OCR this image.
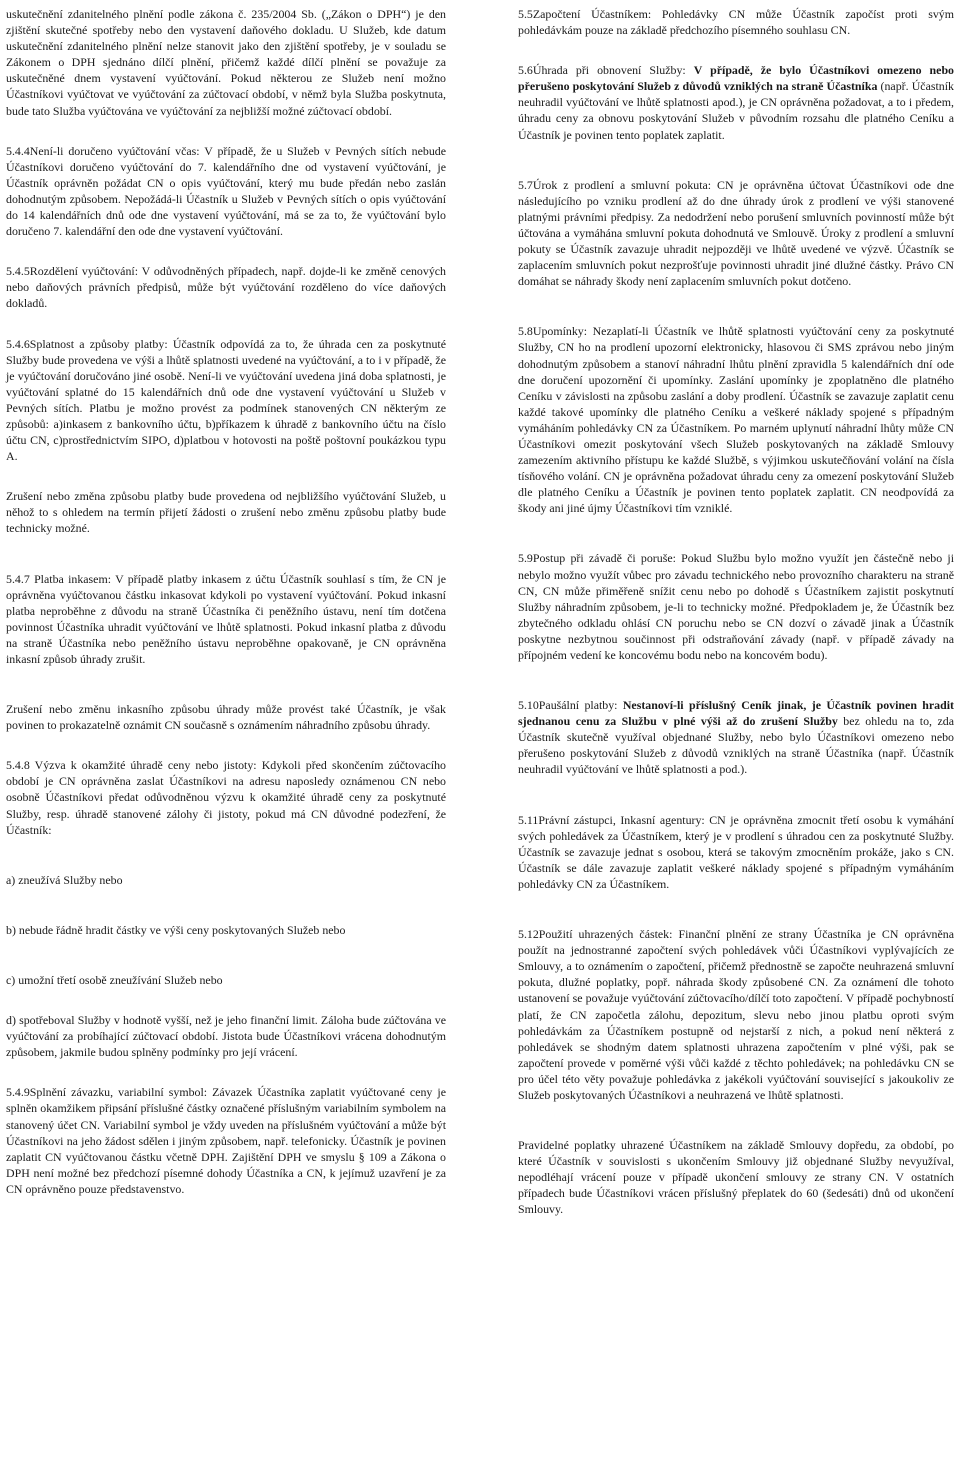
uskutečnění zdanitelného plnění podle zákona č. 235/2004 Sb. („Zákon o DPH“) je den zjištění skutečné spotřeby nebo den vystavení daňového dokladu. U Služeb, kde datum uskutečnění zdanitelného plnění nelze stanovit jako den zjištění spotřeby, je v souladu se Zákonem o DPH sjednáno dílčí plnění, přičemž každé dílčí plnění se považuje za uskutečněné dnem vystavení vyúčtování. Pokud některou ze Služeb není možno Účastníkovi vyúčtovat ve vyúčtování za zúčtovací období, v němž byla Služba poskytnuta, bude tato Služba vyúčtována ve vyúčtování za nejbližší možné zúčtovací období.

5.4.4Není-li doručeno vyúčtování včas: V případě, že u Služeb v Pevných sítích nebude Účastníkovi doručeno vyúčtování do 7. kalendářního dne od vystavení vyúčtování, je Účastník oprávněn požádat CN o opis vyúčtování, který mu bude předán nebo zaslán dohodnutým způsobem. Nepožádá-li Účastník u Služeb v Pevných sítích o opis vyúčtování do 14 kalendářních dnů ode dne vystavení vyúčtování, má se za to, že vyúčtování bylo doručeno 7. kalendářní den ode dne vystavení vyúčtování.

5.4.5Rozdělení vyúčtování: V odůvodněných případech, např. dojde-li ke změně cenových nebo daňových právních předpisů, může být vyúčtování rozděleno do více daňových dokladů.

5.4.6Splatnost a způsoby platby: Účastník odpovídá za to, že úhrada cen za poskytnuté Služby bude provedena ve výši a lhůtě splatnosti uvedené na vyúčtování, a to i v případě, že je vyúčtování doručováno jiné osobě. Není-li ve vyúčtování uvedena jiná doba splatnosti, je vyúčtování splatné do 15 kalendářních dnů ode dne vystavení vyúčtování u Služeb v Pevných sítích. Platbu je možno provést za podmínek stanovených CN některým ze způsobů: a)inkasem z bankovního účtu, b)příkazem k úhradě z bankovního účtu na číslo účtu CN, c)prostřednictvím SIPO, d)platbou v hotovosti na poště poštovní poukázkou typu A.

Zrušení nebo změna způsobu platby bude provedena od nejbližšího vyúčtování Služeb, u něhož to s ohledem na termín přijetí žádosti o zrušení nebo změnu způsobu platby bude technicky možné.

5.4.7 Platba inkasem: V případě platby inkasem z účtu Účastník souhlasí s tím, že CN je oprávněna vyúčtovanou částku inkasovat kdykoli po vystavení vyúčtování. Pokud inkasní platba neproběhne z důvodu na straně Účastníka či peněžního ústavu, není tím dotčena povinnost Účastníka uhradit vyúčtování ve lhůtě splatnosti. Pokud inkasní platba z důvodu na straně Účastníka nebo peněžního ústavu neproběhne opakovaně, je CN oprávněna inkasní způsob úhrady zrušit.

Zrušení nebo změnu inkasního způsobu úhrady může provést také Účastník, je však povinen to prokazatelně oznámit CN současně s oznámením náhradního způsobu úhrady.

5.4.8 Výzva k okamžité úhradě ceny nebo jistoty: Kdykoli před skončením zúčtovacího období je CN oprávněna zaslat Účastníkovi na adresu naposledy oznámenou CN nebo osobně Účastníkovi předat odůvodněnou výzvu k okamžité úhradě ceny za poskytnuté Služby, resp. úhradě stanovené zálohy či jistoty, pokud má CN důvodné podezření, že Účastník:

a) zneužívá Služby nebo

b) nebude řádně hradit částky ve výši ceny poskytovaných Služeb nebo

c) umožní třetí osobě zneužívání Služeb nebo

d) spotřeboval Služby v hodnotě vyšší, než je jeho finanční limit. Záloha bude zúčtována ve vyúčtování za probíhající zúčtovací období. Jistota bude Účastníkovi vrácena dohodnutým způsobem, jakmile budou splněny podmínky pro její vrácení.

5.4.9Splnění závazku, variabilní symbol: Závazek Účastníka zaplatit vyúčtované ceny je splněn okamžikem připsání příslušné částky označené příslušným variabilním symbolem na stanovený účet CN. Variabilní symbol je vždy uveden na příslušném vyúčtování a může být Účastníkovi na jeho žádost sdělen i jiným způsobem, např. telefonicky. Účastník je povinen zaplatit CN vyúčtovanou částku včetně DPH. Zajištění DPH ve smyslu § 109 a Zákona o DPH není možné bez předchozí písemné dohody Účastníka a CN, k jejímuž uzavření je za CN oprávněno pouze představenstvo.

5.5Započtení Účastníkem: Pohledávky CN může Účastník započíst proti svým pohledávkám pouze na základě předchozího písemného souhlasu CN.

5.6Úhrada při obnovení Služby: V případě, že bylo Účastníkovi omezeno nebo přerušeno poskytování Služeb z důvodů vzniklých na straně Účastníka (např. Účastník neuhradil vyúčtování ve lhůtě splatnosti apod.), je CN oprávněna požadovat, a to i předem, úhradu ceny za obnovu poskytování Služeb v původním rozsahu dle platného Ceníku a Účastník je povinen tento poplatek zaplatit.

5.7Úrok z prodlení a smluvní pokuta: CN je oprávněna účtovat Účastníkovi ode dne následujícího po vzniku prodlení až do dne úhrady úrok z prodlení ve výši stanovené platnými právními předpisy. Za nedodržení nebo porušení smluvních povinností může být účtována a vymáhána smluvní pokuta dohodnutá ve Smlouvě. Úroky z prodlení a smluvní pokuty se Účastník zavazuje uhradit nejpozději ve lhůtě uvedené ve výzvě. Účastník se zaplacením smluvních pokut nezprošťuje povinnosti uhradit jiné dlužné částky. Právo CN domáhat se náhrady škody není zaplacením smluvních pokut dotčeno.

5.8Upomínky: Nezaplatí-li Účastník ve lhůtě splatnosti vyúčtování ceny za poskytnuté Služby, CN ho na prodlení upozorní elektronicky, hlasovou či SMS zprávou nebo jiným dohodnutým způsobem a stanoví náhradní lhůtu plnění zpravidla 5 kalendářních dní ode dne doručení upozornění či upomínky. Zaslání upomínky je zpoplatněno dle platného Ceníku v závislosti na způsobu zaslání a doby prodlení. Účastník se zavazuje zaplatit cenu každé takové upomínky dle platného Ceníku a veškeré náklady spojené s případným vymáháním pohledávky CN za Účastníkem. Po marném uplynutí náhradní lhůty může CN Účastníkovi omezit poskytování všech Služeb poskytovaných na základě Smlouvy zamezením aktivního přístupu ke každé Službě, s výjimkou uskutečňování volání na čísla tísňového volání. CN je oprávněna požadovat úhradu ceny za omezení poskytování Služeb dle platného Ceníku a Účastník je povinen tento poplatek zaplatit. CN neodpovídá za škody ani jiné újmy Účastníkovi tím vzniklé.

5.9Postup při závadě či poruše: Pokud Službu bylo možno využít jen částečně nebo ji nebylo možno využít vůbec pro závadu technického nebo provozního charakteru na straně CN, CN může přiměřeně snížit cenu nebo po dohodě s Účastníkem zajistit poskytnutí Služby náhradním způsobem, je-li to technicky možné. Předpokladem je, že Účastník bez zbytečného odkladu ohlásí CN poruchu nebo se CN dozví o závadě jinak a Účastník poskytne nezbytnou součinnost při odstraňování závady (např. v případě závady na přípojném vedení ke koncovému bodu nebo na koncovém bodu).

5.10Paušální platby: Nestanoví-li příslušný Ceník jinak, je Účastník povinen hradit sjednanou cenu za Službu v plné výši až do zrušení Služby bez ohledu na to, zda Účastník skutečně využíval objednané Služby, nebo bylo Účastníkovi omezeno nebo přerušeno poskytování Služeb z důvodů vzniklých na straně Účastníka (např. Účastník neuhradil vyúčtování ve lhůtě splatnosti a pod.).

5.11Právní zástupci, Inkasní agentury: CN je oprávněna zmocnit třetí osobu k vymáhání svých pohledávek za Účastníkem, který je v prodlení s úhradou cen za poskytnuté Služby. Účastník se zavazuje jednat s osobou, která se takovým zmocněním prokáže, jako s CN. Účastník se dále zavazuje zaplatit veškeré náklady spojené s případným vymáháním pohledávky CN za Účastníkem.

5.12Použití uhrazených částek: Finanční plnění ze strany Účastníka je CN oprávněna použít na jednostranné započtení svých pohledávek vůči Účastníkovi vyplývajících ze Smlouvy, a to oznámením o započtení, přičemž přednostně se započte neuhrazená smluvní pokuta, dlužné poplatky, popř. náhrada škody způsobené CN. Za oznámení dle tohoto ustanovení se považuje vyúčtování zúčtovacího/dílčí toto započtení. V případě pochybností platí, že CN započetla zálohu, depozitum, slevu nebo jinou platbu oproti svým pohledávkám za Účastníkem postupně od nejstarší z nich, a pokud není některá z pohledávek se shodným datem splatnosti uhrazena započtením v plné výši, pak se započtení provede v poměrné výši vůči každé z těchto pohledávek; na pohledávku CN se pro účel této věty považuje pohledávka z jakékoli vyúčtování související s jakoukoliv ze Služeb poskytovaných Účastníkovi a neuhrazená ve lhůtě splatnosti.

Pravidelné poplatky uhrazené Účastníkem na základě Smlouvy dopředu, za období, po které Účastník v souvislosti s ukončením Smlouvy již objednané Služby nevyužíval, nepodléhají vrácení pouze v případě ukončení smlouvy ze strany CN. V ostatních případech bude Účastníkovi vrácen příslušný přeplatek do 60 (šedesáti) dnů od ukončení Smlouvy.
